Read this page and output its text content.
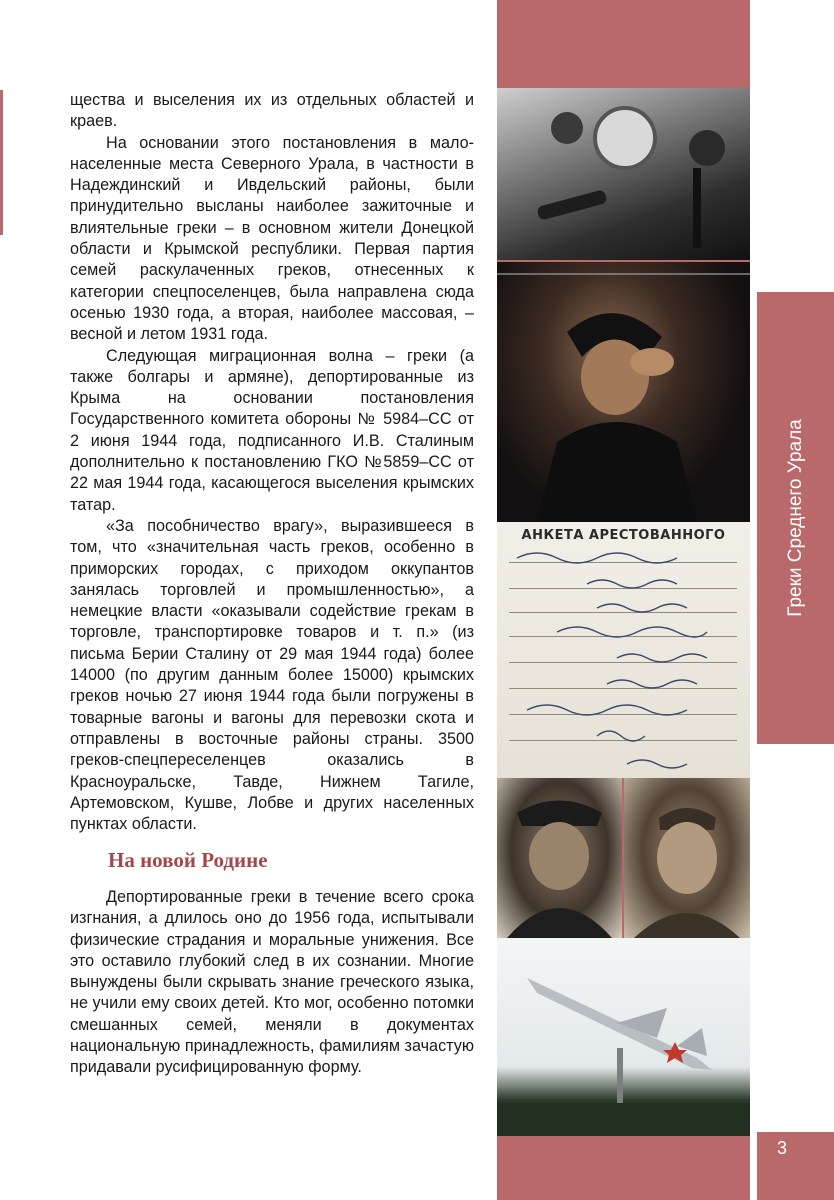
щества и выселения их из отдельных областей и краев.

На основании этого постановления в мало-населенные места Северного Урала, в частности в Надеждинский и Ивдельский районы, были принудительно высланы наиболее зажиточные и влиятельные греки – в основном жители Донецкой области и Крымской республики. Первая партия семей раскулаченных греков, отнесенных к категории спецпоселенцев, была направлена сюда осенью 1930 года, а вторая, наиболее массовая, – весной и летом 1931 года.

Следующая миграционная волна – греки (а также болгары и армяне), депортированные из Крыма на основании постановления Государственного комитета обороны № 5984–СС от 2 июня 1944 года, подписанного И.В. Сталиным дополнительно к постановлению ГКО №5859–СС от 22 мая 1944 года, касающегося выселения крымских татар.

«За пособничество врагу», выразившееся в том, что «значительная часть греков, особенно в приморских городах, с приходом оккупантов занялась торговлей и промышленностью», а немецкие власти «оказывали содействие грекам в торговле, транспортировке товаров и т. п.» (из письма Берии Сталину от 29 мая 1944 года) более 14000 (по другим данным более 15000) крымских греков ночью 27 июня 1944 года были погружены в товарные вагоны и вагоны для перевозки скота и отправлены в восточные районы страны. 3500 греков-спецпереселенцев оказались в Красноуральске, Тавде, Нижнем Тагиле, Артемовском, Кушве, Лобве и других населенных пунктах области.

На новой Родине

Депортированные греки в течение всего срока изгнания, а длилось оно до 1956 года, испытывали физические страдания и моральные унижения. Все это оставило глубокий след в их сознании. Многие вынуждены были скрывать знание греческого языка, не учили ему своих детей. Кто мог, особенно потомки смешанных семей, меняли в документах национальную принадлежность, фамилиям зачастую придавали русифицированную форму.

АНКЕТА АРЕСТОВАННОГО	Греки Среднего Урала
3
